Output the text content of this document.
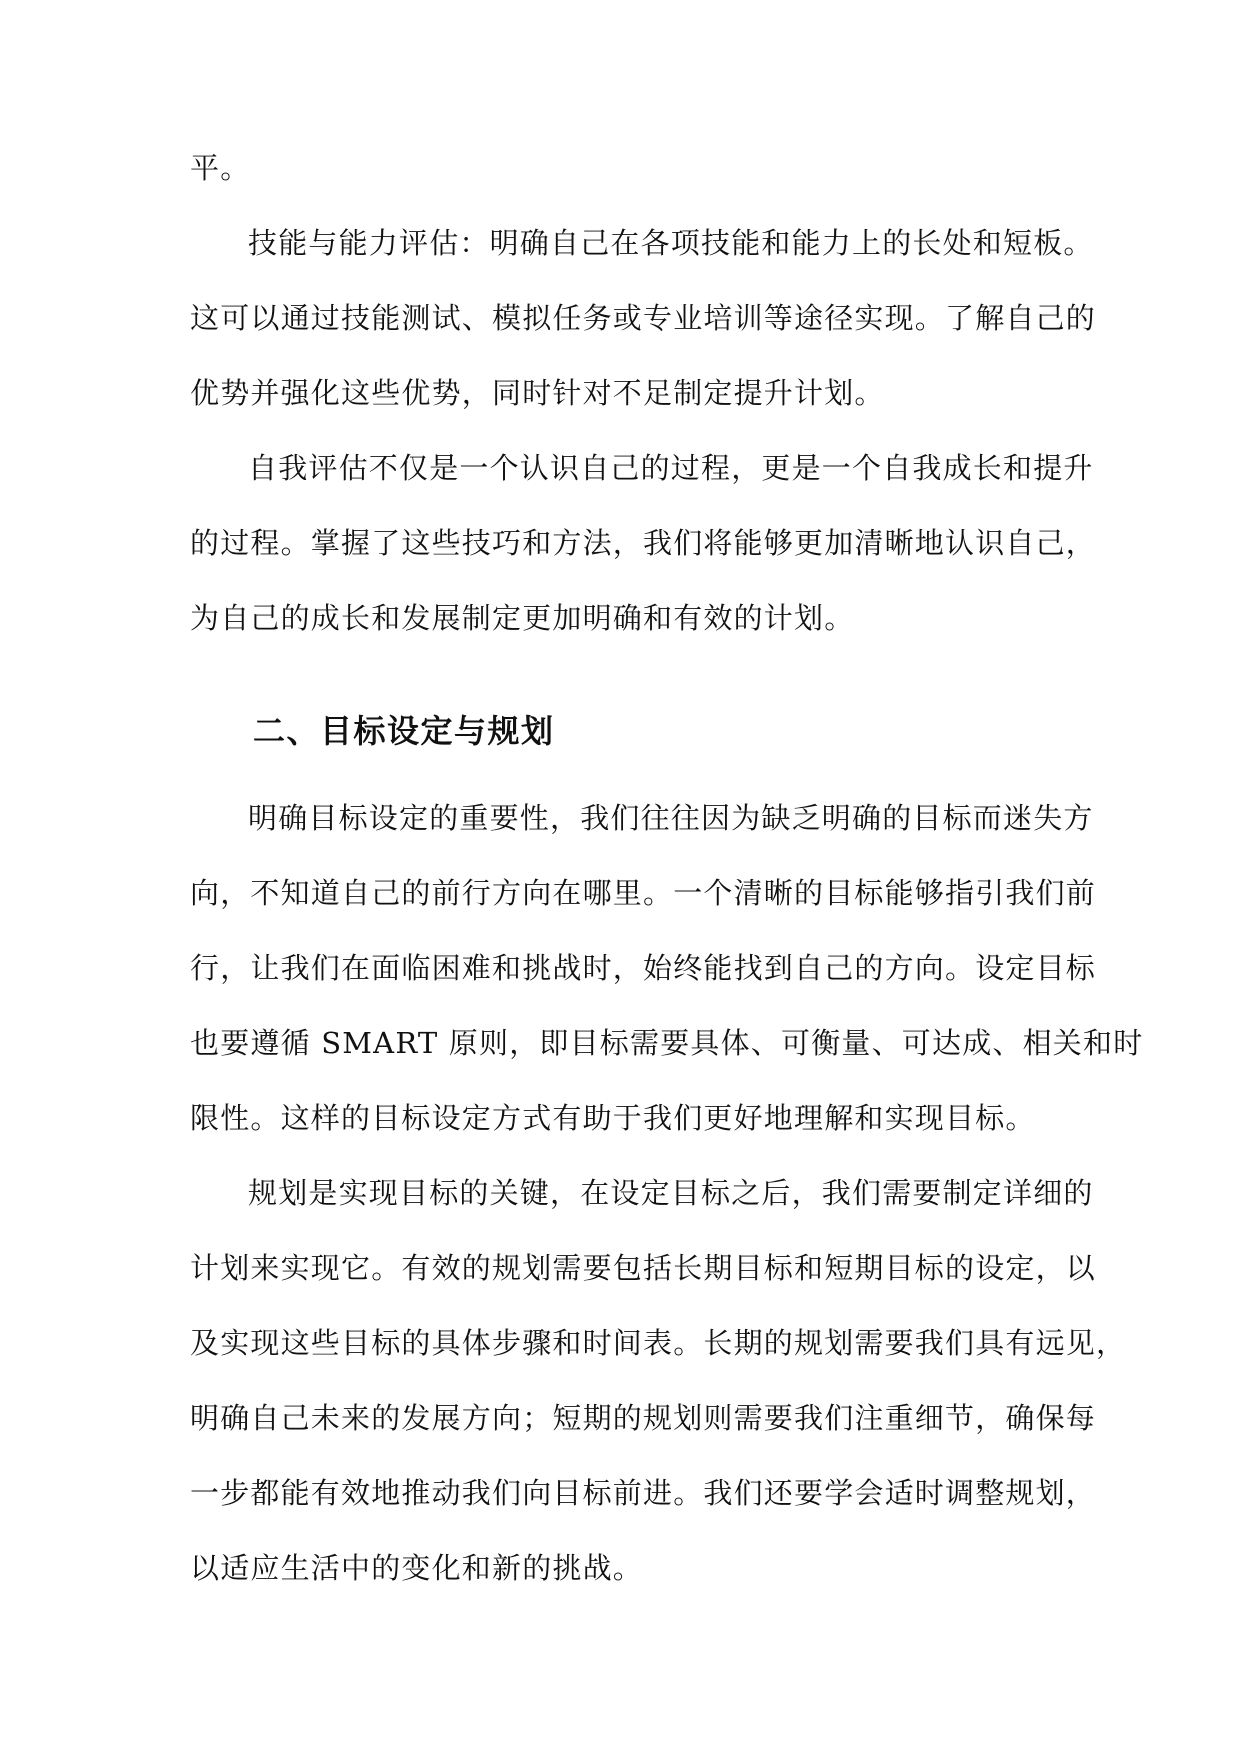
平。

技能与能力评估：明确自己在各项技能和能力上的长处和短板。

这可以通过技能测试、模拟任务或专业培训等途径实现。了解自己的

优势并强化这些优势，同时针对不足制定提升计划。

自我评估不仅是一个认识自己的过程，更是一个自我成长和提升

的过程。掌握了这些技巧和方法，我们将能够更加清晰地认识自己，

为自己的成长和发展制定更加明确和有效的计划。

二、目标设定与规划

明确目标设定的重要性，我们往往因为缺乏明确的目标而迷失方

向，不知道自己的前行方向在哪里。一个清晰的目标能够指引我们前

行，让我们在面临困难和挑战时，始终能找到自己的方向。设定目标

也要遵循 SMART 原则，即目标需要具体、可衡量、可达成、相关和时

限性。这样的目标设定方式有助于我们更好地理解和实现目标。

规划是实现目标的关键，在设定目标之后，我们需要制定详细的

计划来实现它。有效的规划需要包括长期目标和短期目标的设定，以

及实现这些目标的具体步骤和时间表。长期的规划需要我们具有远见，

明确自己未来的发展方向；短期的规划则需要我们注重细节，确保每

一步都能有效地推动我们向目标前进。我们还要学会适时调整规划，

以适应生活中的变化和新的挑战。
